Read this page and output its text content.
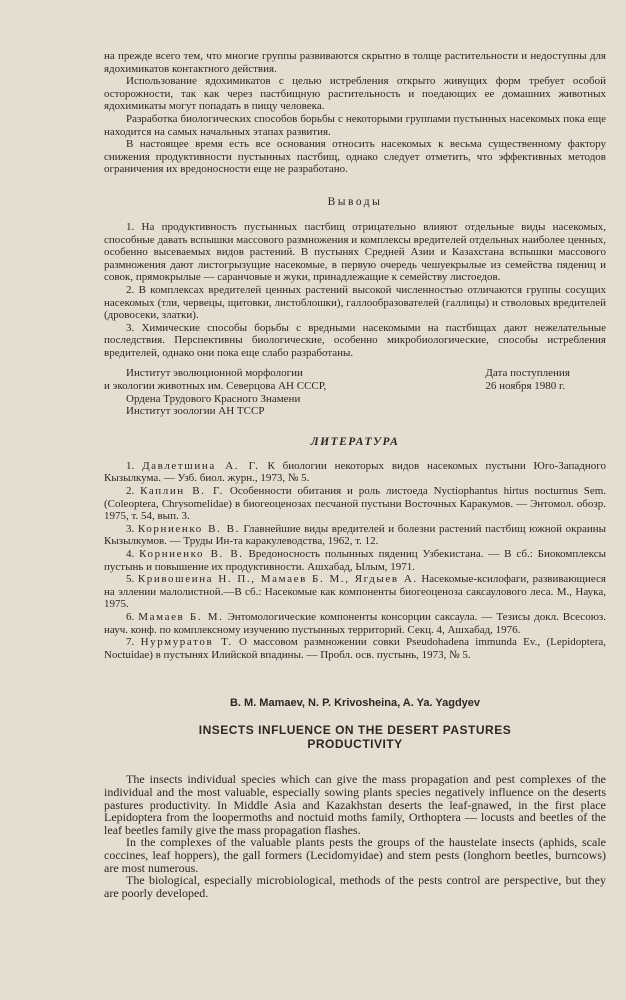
на прежде всего тем, что многие группы развиваются скрытно в толще растительности и недоступны для ядохимикатов контактного действия.

Использование ядохимикатов с целью истребления открыто живущих форм требует особой осторожности, так как через пастбищную растительность и поедающих ее домашних животных ядохимикаты могут попадать в пищу человека.

Разработка биологических способов борьбы с некоторыми группами пустынных насекомых пока еще находится на самых начальных этапах развития.

В настоящее время есть все основания относить насекомых к весьма существенному фактору снижения продуктивности пустынных пастбищ, однако следует отметить, что эффективных методов ограничения их вредоносности еще не разработано.

Выводы

1. На продуктивность пустынных пастбищ отрицательно влияют отдельные виды насекомых, способные давать вспышки массового размножения и комплексы вредителей отдельных наиболее ценных, особенно высеваемых видов растений. В пустынях Средней Азии и Казахстана вспышки массового размножения дают листогрызущие насекомые, в первую очередь чешуекрылые из семейства пядениц и совок, прямокрылые — саранчовые и жуки, принадлежащие к семейству листоедов.

2. В комплексах вредителей ценных растений высокой численностью отличаются группы сосущих насекомых (тли, червецы, щитовки, листоблошки), галлообразователей (галлицы) и стволовых вредителей (дровосеки, златки).

3. Химические способы борьбы с вредными насекомыми на пастбищах дают нежелательные последствия. Перспективны биологические, особенно микробиологические, способы истребления вредителей, однако они пока еще слабо разработаны.

Институт эволюционной морфологии
и экологии животных им. Северцова АН СССР,
Ордена Трудового Красного Знамени
Институт зоологии АН ТССР
Дата поступления
26 ноября 1980 г.
ЛИТЕРАТУРА

1. Давлетшина А. Г. К биологии некоторых видов насекомых пустыни Юго-Западного Кызылкума. — Узб. биол. журн., 1973, № 5.

2. Каплин В. Г. Особенности обитания и роль листоеда Nyctiophantus hirtus nocturnus Sem. (Coleoptera, Chrysomelidae) в биогеоценозах песчаной пустыни Восточных Каракумов. — Энтомол. обозр. 1975, т. 54, вып. 3.

3. Корниенко В. В. Главнейшие виды вредителей и болезни растений пастбищ южной окраины Кызылкумов. — Труды Ин-та каракулеводства, 1962, т. 12.

4. Корниенко В. В. Вредоносность полынных пядениц Узбекистана. — В сб.: Биокомплексы пустынь и повышение их продуктивности. Ашхабад, Ылым, 1971.

5. Кривошеина Н. П., Мамаев Б. М., Ягдыев А. Насекомые-ксилофаги, развивающиеся на эллении малолистной.—В сб.: Насекомые как компоненты биогеоценоза саксаулового леса. М., Наука, 1975.

6. Мамаев Б. М. Энтомологические компоненты консорции саксаула. — Тезисы докл. Всесоюз. науч. конф. по комплексному изучению пустынных территорий. Секц. 4, Ашхабад, 1976.

7. Нурмуратов Т. О массовом размножении совки Pseudohadena immunda Ev., (Lepidoptera, Noctuidae) в пустынях Илийской впадины. — Пробл. осв. пустынь, 1973, № 5.

B. M. Mamaev, N. P. Krivosheina, A. Ya. Yagdyev
INSECTS INFLUENCE ON THE DESERT PASTURES
PRODUCTIVITY

The insects individual species which can give the mass propagation and pest complexes of the individual and the most valuable, especially sowing plants species negatively influence on the deserts pastures productivity. In Middle Asia and Kazakhstan deserts the leaf-gnawed, in the first place Lepidoptera from the loopermoths and noctuid moths family, Orthoptera — locusts and beetles of the leaf beetles family give the mass propagation flashes.

In the complexes of the valuable plants pests the groups of the haustelate insects (aphids, scale coccines, leaf hoppers), the gall formers (Lecidomyidae) and stem pests (longhorn beetles, burncows) are most numerous.

The biological, especially microbiological, methods of the pests control are perspective, but they are poorly developed.
